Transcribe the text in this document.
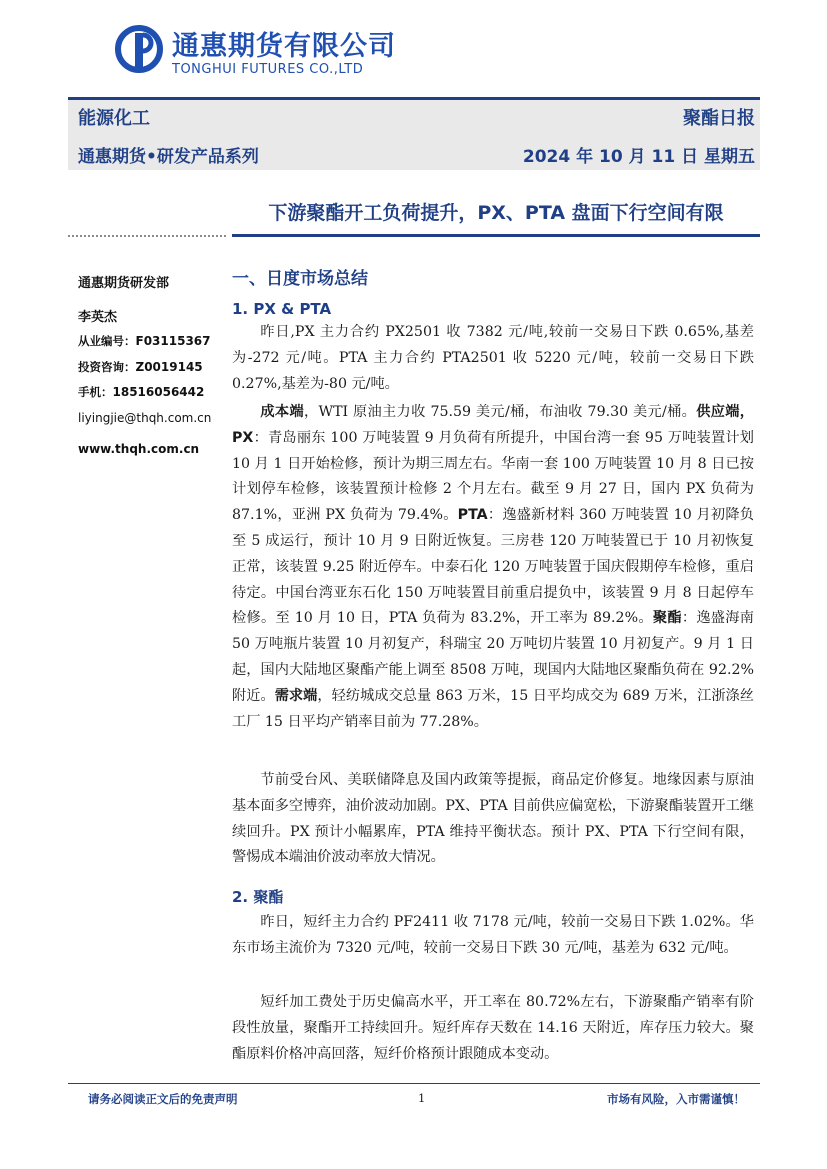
通惠期货有限公司
TONGHUI FUTURES CO.,LTD
能源化工	聚酯日报
通惠期货•研发产品系列	2024 年 10 月 11 日 星期五
下游聚酯开工负荷提升，PX、PTA 盘面下行空间有限
通惠期货研发部
李英杰
从业编号：F03115367
投资咨询：Z0019145
手机：18516056442
liyingjie@thqh.com.cn
www.thqh.com.cn
一、日度市场总结
1. PX & PTA
昨日,PX 主力合约 PX2501 收 7382 元/吨,较前一交易日下跌 0.65%,基差为-272 元/吨。PTA 主力合约 PTA2501 收 5220 元/吨，较前一交易日下跌 0.27%,基差为-80 元/吨。
成本端，WTI 原油主力收 75.59 美元/桶，布油收 79.30 美元/桶。供应端，PX：青岛丽东 100 万吨装置 9 月负荷有所提升，中国台湾一套 95 万吨装置计划 10 月 1 日开始检修，预计为期三周左右。华南一套 100 万吨装置 10 月 8 日已按计划停车检修，该装置预计检修 2 个月左右。截至 9 月 27 日，国内 PX 负荷为 87.1%，亚洲 PX 负荷为 79.4%。PTA：逸盛新材料 360 万吨装置 10 月初降负至 5 成运行，预计 10 月 9 日附近恢复。三房巷 120 万吨装置已于 10 月初恢复正常，该装置 9.25 附近停车。中泰石化 120 万吨装置于国庆假期停车检修，重启待定。中国台湾亚东石化 150 万吨装置目前重启提负中，该装置 9 月 8 日起停车检修。至 10 月 10 日，PTA 负荷为 83.2%，开工率为 89.2%。聚酯：逸盛海南 50 万吨瓶片装置 10 月初复产，科瑞宝 20 万吨切片装置 10 月初复产。9 月 1 日起，国内大陆地区聚酯产能上调至 8508 万吨，现国内大陆地区聚酯负荷在 92.2%附近。需求端，轻纺城成交总量 863 万米，15 日平均成交为 689 万米，江浙涤丝工厂 15 日平均产销率目前为 77.28%。
节前受台风、美联储降息及国内政策等提振，商品定价修复。地缘因素与原油基本面多空博弈，油价波动加剧。PX、PTA 目前供应偏宽松，下游聚酯装置开工继续回升。PX 预计小幅累库，PTA 维持平衡状态。预计 PX、PTA 下行空间有限，警惕成本端油价波动率放大情况。
2. 聚酯
昨日，短纤主力合约 PF2411 收 7178 元/吨，较前一交易日下跌 1.02%。华东市场主流价为 7320 元/吨，较前一交易日下跌 30 元/吨，基差为 632 元/吨。
短纤加工费处于历史偏高水平，开工率在 80.72%左右，下游聚酯产销率有阶段性放量，聚酯开工持续回升。短纤库存天数在 14.16 天附近，库存压力较大。聚酯原料价格冲高回落，短纤价格预计跟随成本变动。
请务必阅读正文后的免责声明	1	市场有风险，入市需谨慎！
